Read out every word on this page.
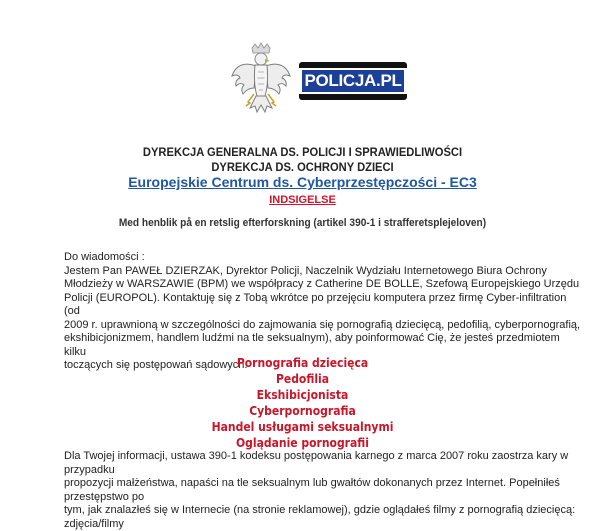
POLICJA.PL
DYREKCJA GENERALNA DS. POLICJI I SPRAWIEDLIWOŚCI
DYREKCJA DS. OCHRONY DZIECI
Europejskie Centrum ds. Cyberprzestępczości - EC3
INDSIGELSE
Med henblik på en retslig efterforskning (artikel 390-1 i strafferetsplejeloven)

Do wiadomości :

Jestem Pan PAWEŁ DZIERZAK, Dyrektor Policji, Naczelnik Wydziału Internetowego Biura Ochrony

Młodzieży w WARSZAWIE (BPM) we współpracy z Catherine DE BOLLE, Szefową Europejskiego Urzędu

Policji (EUROPOL). Kontaktuję się z Tobą wkrótce po przejęciu komputera przez firmę Cyber-infiltration (od

2009 r. uprawnioną w szczególności do zajmowania się pornografią dziecięcą, pedofilią, cyberpornografią,

ekshibicjonizmem, handlem ludźmi na tle seksualnym), aby poinformować Cię, że jesteś przedmiotem kilku

toczących się postępowań sądowych.

Pornografia dziecięca
Pedofilia
Ekshibicjonista
Cyberpornografia
Handel usługami seksualnymi
Oglądanie pornografii

Dla Twojej informacji, ustawa 390-1 kodeksu postępowania karnego z marca 2007 roku zaostrza kary w przypadku

propozycji małżeństwa, napaści na tle seksualnym lub gwałtów dokonanych przez Internet. Popełniłeś przestępstwo po

tym, jak znalazłeś się w Internecie (na stronie reklamowej), gdzie oglądałeś filmy z pornografią dziecięcą: zdjęcia/filmy
